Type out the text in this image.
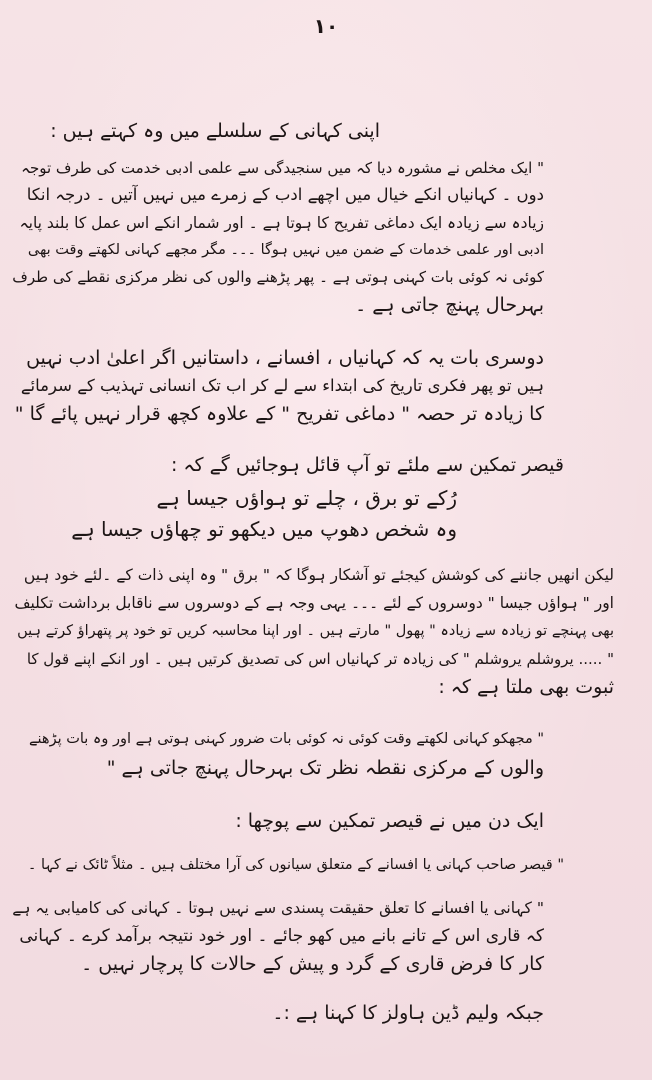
۱۰
اپنی کہانی کے سلسلے میں وہ کہتے ہیں :
" ایک مخلص نے مشورہ دیا کہ میں سنجیدگی سے علمی ادبی خدمت کی طرف توجہ
دوں ۔ کہانیاں انکے خیال میں اچھے ادب کے زمرے میں نہیں آتیں ۔ درجہ انکا
زیادہ سے زیادہ ایک دماغی تفریح کا ہوتا ہے ۔ اور شمار انکے اس عمل کا بلند پایہ
ادبی اور علمی خدمات کے ضمن میں نہیں ہوگا ۔۔۔ مگر مجھے کہانی لکھتے وقت بھی
کوئی نہ کوئی بات کہنی ہوتی ہے ۔ پھر پڑھنے والوں کی نظر مرکزی نقطے کی طرف
بہرحال پہنچ جاتی ہے ۔
دوسری بات یہ کہ کہانیاں ، افسانے ، داستانیں اگر اعلیٰ ادب نہیں
ہیں تو پھر فکری تاریخ کی ابتداء سے لے کر اب تک انسانی تہذیب کے سرمائے
کا زیادہ تر حصہ " دماغی تفریح " کے علاوہ کچھ قرار نہیں پائے گا "
قیصر تمکین سے ملئے تو آپ قائل ہوجائیں گے کہ :
رُکے تو برق ، چلے تو ہواؤں جیسا ہے
وہ شخص دھوپ میں دیکھو تو چھاؤں جیسا ہے
لیکن انھیں جاننے کی کوشش کیجئے تو آشکار ہوگا کہ " برق " وہ اپنی ذات کے ۔لئے خود ہیں
اور " ہواؤں جیسا " دوسروں کے لئے ۔۔۔ یہی وجہ ہے کے دوسروں سے ناقابل برداشت تکلیف
بھی پہنچے تو زیادہ سے زیادہ " پھول " مارتے ہیں ۔ اور اپنا محاسبہ کریں تو خود پر پتھراؤ کرتے ہیں
" ..... یروشلم یروشلم " کی زیادہ تر کہانیاں اس کی تصدیق کرتیں ہیں ۔ اور انکے اپنے قول کا
ثبوت بھی ملتا ہے کہ :
" مجھکو کہانی لکھتے وقت کوئی نہ کوئی بات ضرور کہنی ہوتی ہے اور وہ بات پڑھنے
والوں کے مرکزی نقطہ نظر تک بہرحال پہنچ جاتی ہے "
ایک دن میں نے قیصر تمکین سے پوچھا :
" قیصر صاحب کہانی یا افسانے کے متعلق سیانوں کی آرا مختلف ہیں ۔ مثلاً ٹائک نے کہا ۔
" کہانی یا افسانے کا تعلق حقیقت پسندی سے نہیں ہوتا ۔ کہانی کی کامیابی یہ ہے
کہ قاری اس کے تانے بانے میں کھو جائے ۔ اور خود نتیجہ برآمد کرے ۔ کہانی
کار کا فرض قاری کے گرد و پیش کے حالات کا پرچار نہیں ۔
جبکہ ولیم ڈین ہاولز کا کہنا ہے :۔
